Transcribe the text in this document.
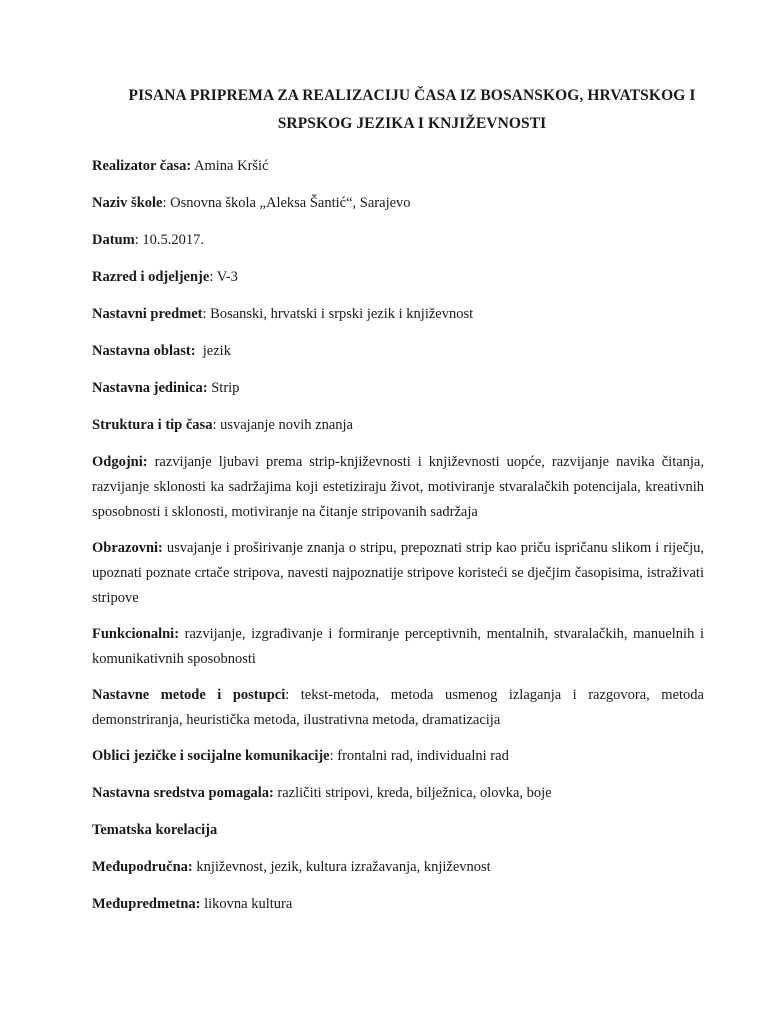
PISANA PRIPREMA ZA REALIZACIJU ČASA IZ BOSANSKOG, HRVATSKOG I
SRPSKOG JEZIKA I KNJIŽEVNOSTI

Realizator časa: Amina Kršić

Naziv škole: Osnovna škola „Aleksa Šantić“, Sarajevo

Datum: 10.5.2017.

Razred i odjeljenje: V-3

Nastavni predmet: Bosanski, hrvatski i srpski jezik i književnost

Nastavna oblast:  jezik

Nastavna jedinica: Strip

Struktura i tip časa: usvajanje novih znanja

Odgojni: razvijanje ljubavi prema strip-književnosti i književnosti uopće, razvijanje navika čitanja, razvijanje sklonosti ka sadržajima koji estetiziraju život, motiviranje stvaralačkih potencijala, kreativnih sposobnosti i sklonosti, motiviranje na čitanje stripovanih sadržaja

Obrazovni: usvajanje i proširivanje znanja o stripu, prepoznati strip kao priču ispričanu slikom i riječju, upoznati poznate crtače stripova, navesti najpoznatije stripove koristeći se dječjim časopisima, istraživati stripove

Funkcionalni: razvijanje, izgrađivanje i formiranje perceptivnih, mentalnih, stvaralačkih, manuelnih i komunikativnih sposobnosti

Nastavne metode i postupci: tekst-metoda, metoda usmenog izlaganja i razgovora, metoda demonstriranja, heuristička metoda, ilustrativna metoda, dramatizacija

Oblici jezičke i socijalne komunikacije: frontalni rad, individualni rad

Nastavna sredstva pomagala: različiti stripovi, kreda, bilježnica, olovka, boje

Tematska korelacija

Međupodručna: književnost, jezik, kultura izražavanja, književnost

Međupredmetna: likovna kultura
